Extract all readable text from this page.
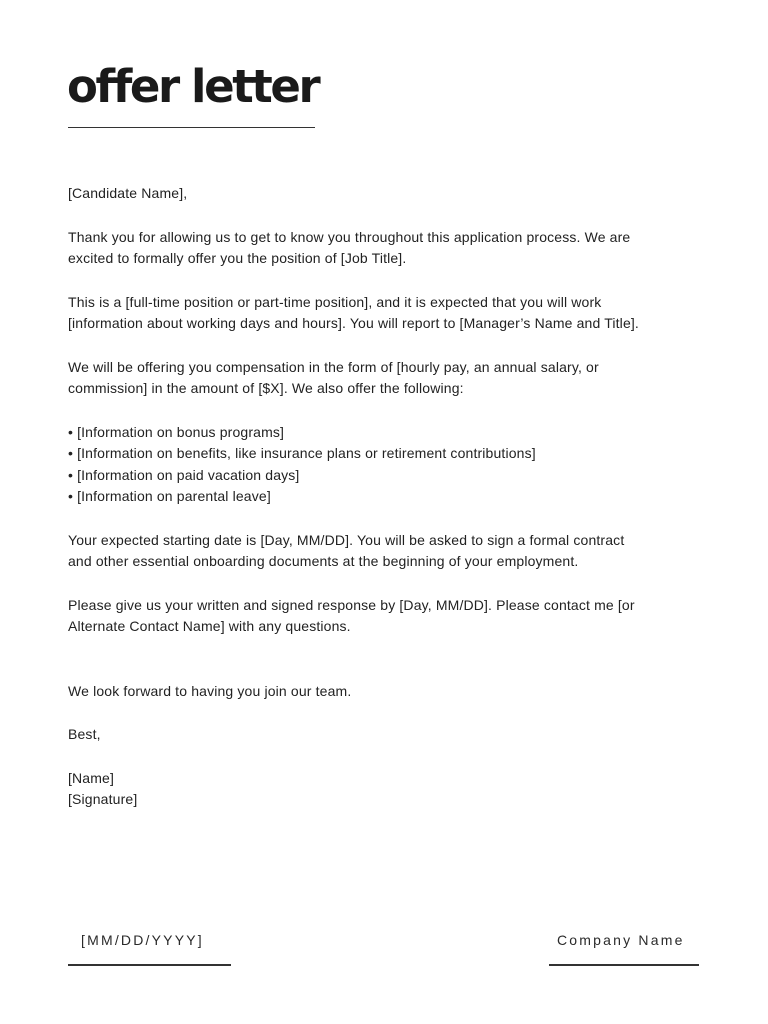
offer letter

[Candidate Name],

Thank you for allowing us to get to know you throughout this application process. We are

excited to formally offer you the position of [Job Title].

This is a [full-time position or part-time position], and it is expected that you will work

[information about working days and hours]. You will report to [Manager’s Name and Title].

We will be offering you compensation in the form of [hourly pay, an annual salary, or

commission] in the amount of [$X]. We also offer the following:

• [Information on bonus programs]
• [Information on benefits, like insurance plans or retirement contributions]
• [Information on paid vacation days]
• [Information on parental leave]

Your expected starting date is [Day, MM/DD]. You will be asked to sign a formal contract

and other essential onboarding documents at the beginning of your employment.

Please give us your written and signed response by [Day, MM/DD]. Please contact me [or

Alternate Contact Name] with any questions.

We look forward to having you join our team.

Best,

[Name]

[Signature]

[MM/DD/YYYY]	Company Name
